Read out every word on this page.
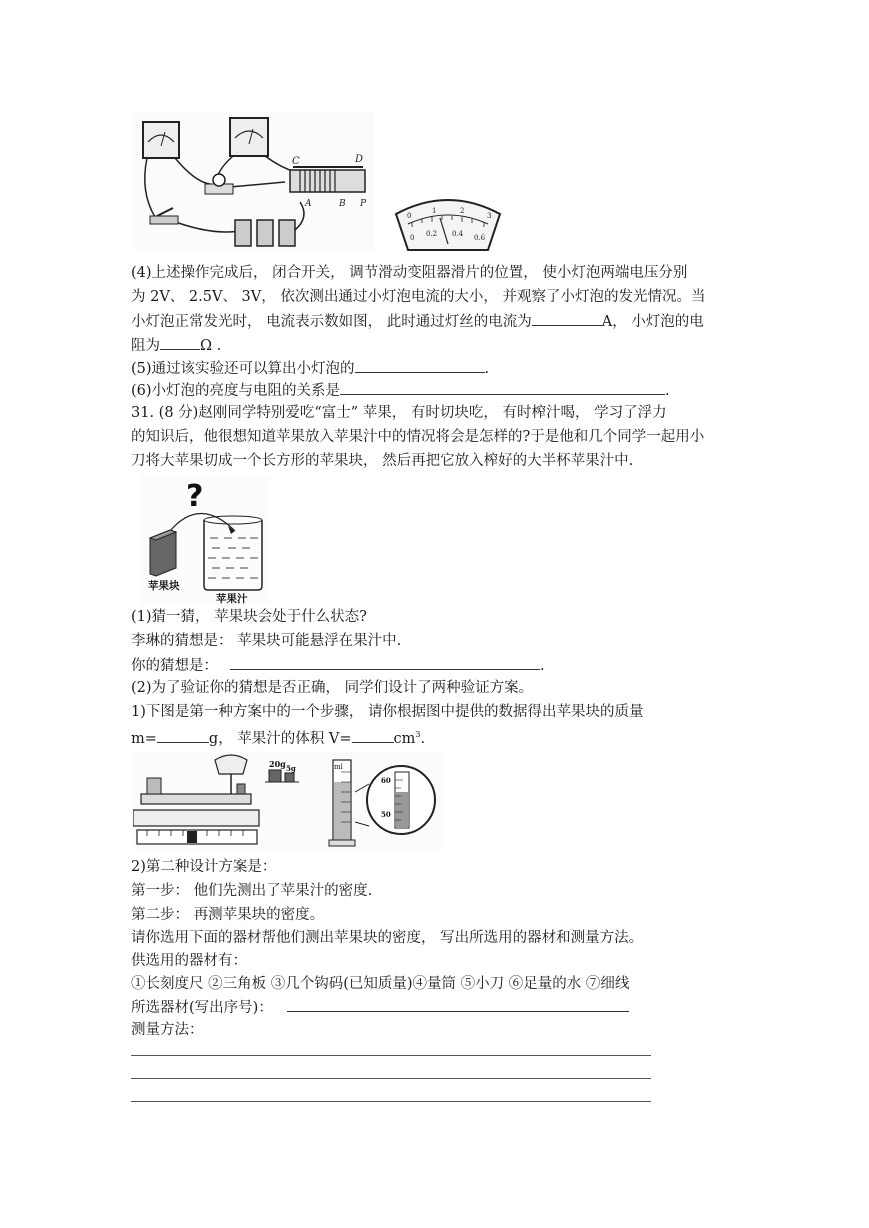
C	D
A	B P
0
1	2
3
0 0.2 0.4 0.6
(4)上述操作完成后， 闭合开关， 调节滑动变阻器滑片的位置， 使小灯泡两端电压分别
为 2V、 2.5V、 3V， 依次测出通过小灯泡电流的大小， 并观察了小灯泡的发光情况。当
小灯泡正常发光时， 电流表示数如图， 此时通过灯丝的电流为	A， 小灯泡的电
阻为	Ω .
(5)通过该实验还可以算出小灯泡的	.
(6)小灯泡的亮度与电阻的关系是	.
31. (8 分)赵刚同学特别爱吃“富士” 苹果， 有时切块吃， 有时榨汁喝， 学习了浮力
的知识后，他很想知道苹果放入苹果汁中的情况将会是怎样的?于是他和几个同学一起用小
刀将大苹果切成一个长方形的苹果块， 然后再把它放入榨好的大半杯苹果汁中.
?
苹果块
苹果汁
(1)猜一猜， 苹果块会处于什么状态?
李琳的猜想是： 苹果块可能悬浮在果汁中.
你的猜想是：	.
(2)为了验证你的猜想是否正确， 同学们设计了两种验证方案。
1)下图是第一种方案中的一个步骤， 请你根据图中提供的数据得出苹果块的质量
m=	g， 苹果汁的体积 V=	$cm^3$.
20g 5g	ml
60
50
2)第二种设计方案是：
第一步： 他们先测出了苹果汁的密度.
第二步： 再测苹果块的密度。
请你选用下面的器材帮他们测出苹果块的密度， 写出所选用的器材和测量方法。
供选用的器材有：
①长刻度尺 ②三角板 ③几个钩码(已知质量)④量筒 ⑤小刀 ⑥足量的水 ⑦细线
所选器材(写出序号)：
测量方法：
